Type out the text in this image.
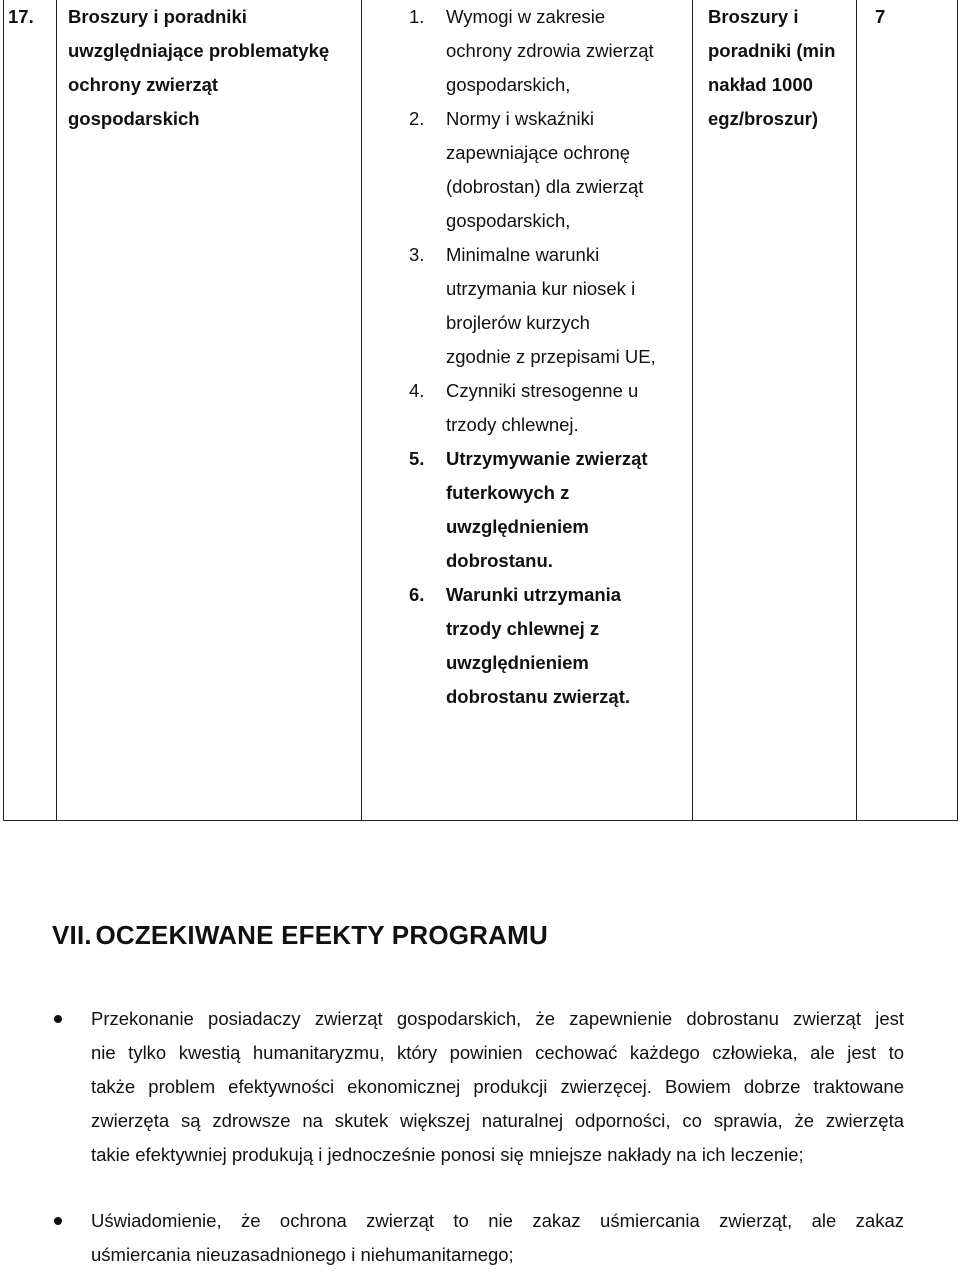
17. Broszury i poradniki
uwzględniające problematykę
ochrony zwierząt
gospodarskich
1. Wymogi w zakresie
ochrony zdrowia zwierząt
gospodarskich,
2. Normy i wskaźniki
zapewniające ochronę
(dobrostan) dla zwierząt
gospodarskich,
3. Minimalne warunki
utrzymania kur niosek i
brojlerów kurzych
zgodnie z przepisami UE,
4. Czynniki stresogenne u
trzody chlewnej.
5. Utrzymywanie zwierząt
futerkowych z
uwzględnieniem
dobrostanu.
6. Warunki utrzymania
trzody chlewnej z
uwzględnieniem
dobrostanu zwierząt.
Broszury i
poradniki (min
nakład 1000
egz/broszur)
7
VII. OCZEKIWANE EFEKTY PROGRAMU
Przekonanie posiadaczy zwierząt gospodarskich, że zapewnienie dobrostanu zwierząt jest
nie tylko kwestią humanitaryzmu, który powinien cechować każdego człowieka, ale jest to
także problem efektywności ekonomicznej produkcji zwierzęcej. Bowiem dobrze traktowane
zwierzęta są zdrowsze na skutek większej naturalnej odporności, co sprawia, że zwierzęta
takie efektywniej produkują i jednocześnie ponosi się mniejsze nakłady na ich leczenie;
Uświadomienie, że ochrona zwierząt to nie zakaz uśmiercania zwierząt, ale zakaz
uśmiercania nieuzasadnionego i niehumanitarnego;
